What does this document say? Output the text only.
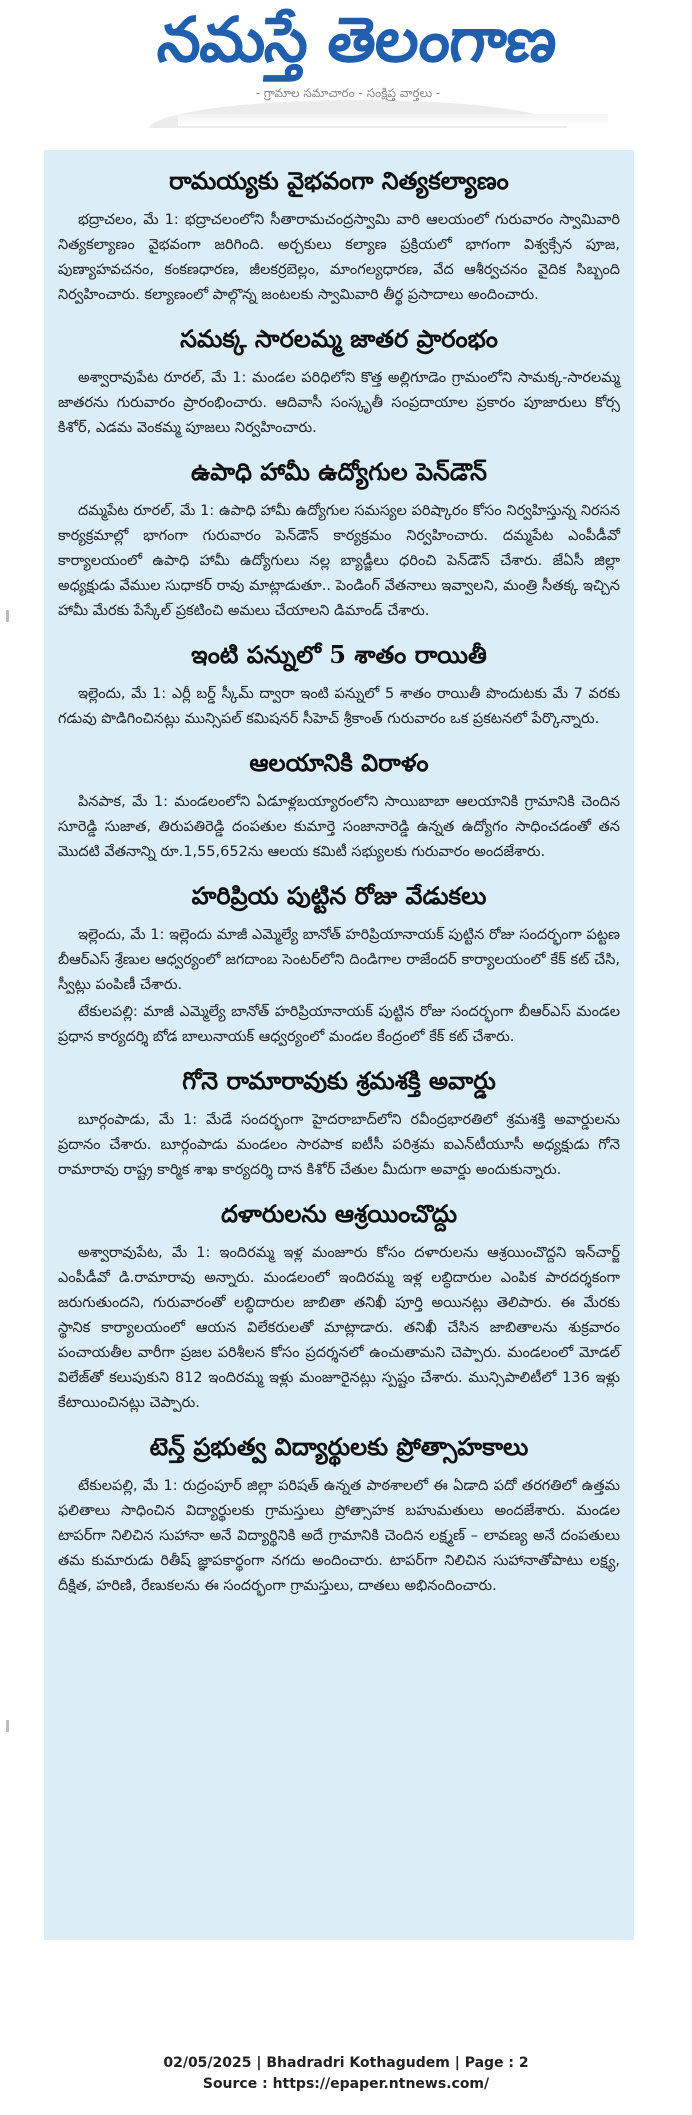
నమస్తే తెలంగాణ
- గ్రామాల సమాచారం - సంక్షిప్త వార్తలు -
రామయ్యకు వైభవంగా నిత్యకల్యాణం

భద్రాచలం, మే 1: భద్రాచలంలోని సీతారామచంద్రస్వామి వారి ఆలయంలో గురువారం స్వామివారి నిత్యకల్యాణం వైభవంగా జరిగింది. అర్చకులు కల్యాణ ప్రక్రియలో భాగంగా విశ్వక్సేన పూజ, పుణ్యాహవచనం, కంకణధారణ, జీలకర్రబెల్లం, మాంగల్యధారణ, వేద ఆశీర్వచనం వైదిక సిబ్బంది నిర్వహించారు. కల్యాణంలో పాల్గొన్న జంటలకు స్వామివారి తీర్థ ప్రసాదాలు అందించారు.

సమక్క సారలమ్మ జాతర ప్రారంభం

అశ్వారావుపేట రూరల్, మే 1: మండల పరిధిలోని కొత్త అల్లిగూడెం గ్రామంలోని సామక్క-సారలమ్మ జాతరను గురువారం ప్రారంభించారు. ఆదివాసీ సంస్కృతీ సంప్రదాయాల ప్రకారం పూజారులు కోర్స కిశోర్, ఎడమ వెంకమ్మ పూజలు నిర్వహించారు.

ఉపాధి హామీ ఉద్యోగుల పెన్‌డౌన్

దమ్మపేట రూరల్, మే 1: ఉపాధి హామీ ఉద్యోగుల సమస్యల పరిష్కారం కోసం నిర్వహిస్తున్న నిరసన కార్యక్రమాల్లో భాగంగా గురువారం పెన్‌డౌన్ కార్యక్రమం నిర్వహించారు. దమ్మపేట ఎంపీడీవో కార్యాలయంలో ఉపాధి హామీ ఉద్యోగులు నల్ల బ్యాడ్జీలు ధరించి పెన్‌డౌన్ చేశారు. జేఏసీ జిల్లా అధ్యక్షుడు వేముల సుధాకర్ రావు మాట్లాడుతూ.. పెండింగ్ వేతనాలు ఇవ్వాలని, మంత్రి సీతక్క ఇచ్చిన హామీ మేరకు పేస్కేల్ ప్రకటించి అమలు చేయాలని డిమాండ్ చేశారు.

ఇంటి పన్నులో 5 శాతం రాయితీ

ఇల్లెందు, మే 1: ఎర్లీ బర్డ్ స్కీమ్ ద్వారా ఇంటి పన్నులో 5 శాతం రాయితీ పొందుటకు మే 7 వరకు గడువు పొడిగించినట్లు మున్సిపల్ కమిషనర్ సీహెచ్ శ్రీకాంత్ గురువారం ఒక ప్రకటనలో పేర్కొన్నారు.

ఆలయానికి విరాళం

పినపాక, మే 1: మండలంలోని ఏడూళ్లబయ్యారంలోని సాయిబాబా ఆలయానికి గ్రామానికి చెందిన సూరెడ్డి సుజాత, తిరుపతిరెడ్డి దంపతుల కుమార్తె సంజానారెడ్డి ఉన్నత ఉద్యోగం సాధించడంతో తన మొదటి వేతనాన్ని రూ.1,55,652ను ఆలయ కమిటీ సభ్యులకు గురువారం అందజేశారు.

హరిప్రియ పుట్టిన రోజు వేడుకలు

ఇల్లెందు, మే 1: ఇల్లెందు మాజీ ఎమ్మెల్యే బానోత్ హరిప్రియానాయక్ పుట్టిన రోజు సందర్భంగా పట్టణ బీఆర్ఎస్ శ్రేణుల ఆధ్వర్యంలో జగదాంబ సెంటర్‌లోని దిండిగాల రాజేందర్ కార్యాలయంలో కేక్ కట్ చేసి, స్వీట్లు పంపిణీ చేశారు.

టేకులపల్లి: మాజీ ఎమ్మెల్యే బానోత్ హరిప్రియానాయక్ పుట్టిన రోజు సందర్భంగా బీఆర్ఎస్ మండల ప్రధాన కార్యదర్శి బోడ బాలునాయక్ ఆధ్వర్యంలో మండల కేంద్రంలో కేక్ కట్ చేశారు.

గోనె రామారావుకు శ్రమశక్తి అవార్డు

బూర్గంపాడు, మే 1: మేడే సందర్భంగా హైదరాబాద్‌లోని రవీంద్రభారతిలో శ్రమశక్తి అవార్డులను ప్రదానం చేశారు. బూర్గంపాడు మండలం సారపాక ఐటీసీ పరిశ్రమ ఐఎన్‌టీయూసీ అధ్యక్షుడు గోనె రామారావు రాష్ట్ర కార్మిక శాఖ కార్యదర్శి దాన కిశోర్ చేతుల మీదుగా అవార్డు అందుకున్నారు.

దళారులను ఆశ్రయించొద్దు

అశ్వారావుపేట, మే 1: ఇందిరమ్మ ఇళ్ల మంజూరు కోసం దళారులను ఆశ్రయించొద్దని ఇన్‌చార్జ్ ఎంపీడీవో డి.రామారావు అన్నారు. మండలంలో ఇందిరమ్మ ఇళ్ల లబ్ధిదారుల ఎంపిక పారదర్శకంగా జరుగుతుందని, గురువారంతో లబ్ధిదారుల జాబితా తనిఖీ పూర్తి అయినట్లు తెలిపారు. ఈ మేరకు స్థానిక కార్యాలయంలో ఆయన విలేకరులతో మాట్లాడారు. తనిఖీ చేసిన జాబితాలను శుక్రవారం పంచాయతీల వారీగా ప్రజల పరిశీలన కోసం ప్రదర్శనలో ఉంచుతామని చెప్పారు. మండలంలో మోడల్ విలేజ్‌తో కలుపుకుని 812 ఇందిరమ్మ ఇళ్లు మంజూరైనట్లు స్పష్టం చేశారు. మున్సిపాలిటీలో 136 ఇళ్లు కేటాయించినట్లు చెప్పారు.

టెన్త్ ప్రభుత్వ విద్యార్థులకు ప్రోత్సాహకాలు

టేకులపల్లి, మే 1: రుద్రంపూర్ జిల్లా పరిషత్ ఉన్నత పాఠశాలలో ఈ ఏడాది పదో తరగతిలో ఉత్తమ ఫలితాలు సాధించిన విద్యార్థులకు గ్రామస్తులు ప్రోత్సాహక బహుమతులు అందజేశారు. మండల టాపర్‌గా నిలిచిన సుహానా అనే విద్యార్థినికి అదే గ్రామానికి చెందిన లక్ష్మణ్ – లావణ్య అనే దంపతులు తమ కుమారుడు రితీష్ జ్ఞాపకార్థంగా నగదు అందించారు. టాపర్‌గా నిలిచిన సుహానాతోపాటు లక్ష్య, దీక్షిత, హరిణి, రేణుకలను ఈ సందర్భంగా గ్రామస్తులు, దాతలు అభినందించారు.

02/05/2025 | Bhadradri Kothagudem | Page : 2
Source : https://epaper.ntnews.com/
